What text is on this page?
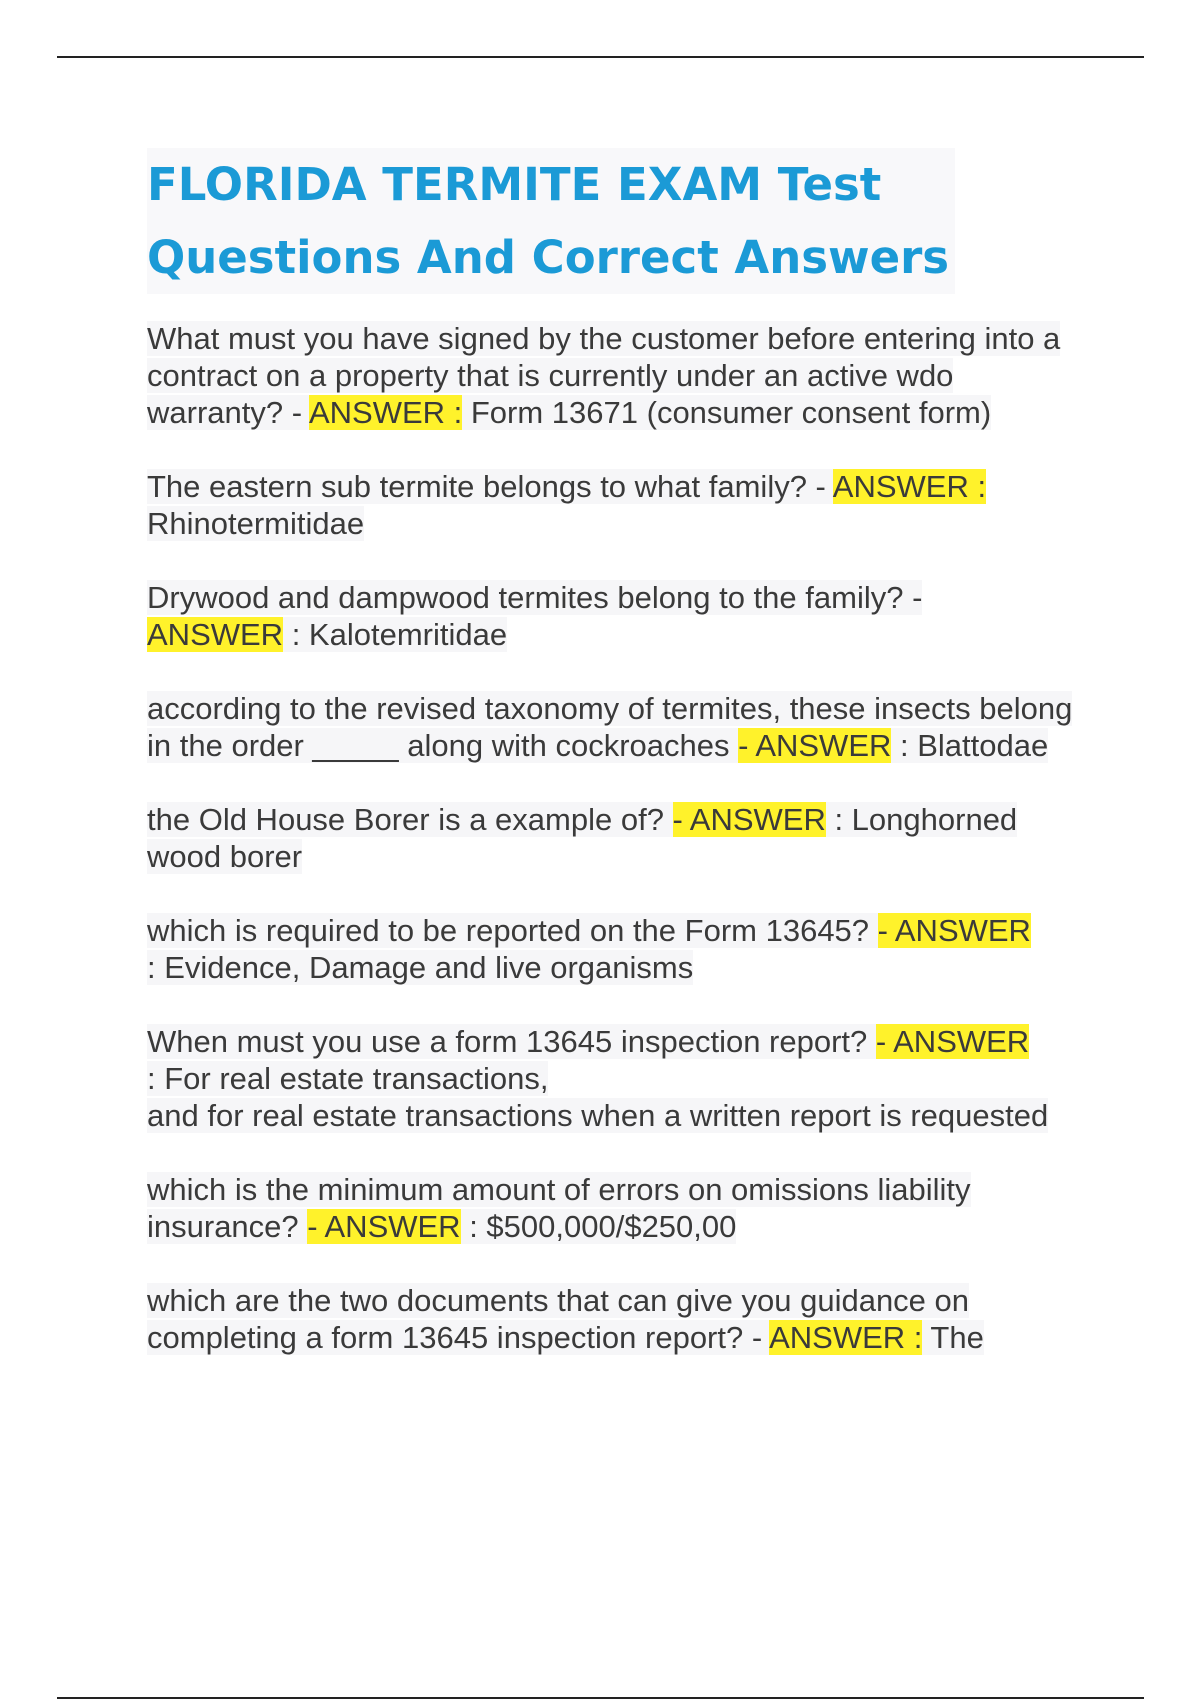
FLORIDA TERMITE EXAM Test
Questions And Correct Answers

What must you have signed by the customer before entering into a contract on a property that is currently under an active wdo warranty? - ANSWER : Form 13671 (consumer consent form)

The eastern sub termite belongs to what family? - ANSWER :
Rhinotermitidae

Drywood and dampwood termites belong to the family? -
ANSWER : Kalotemritidae

according to the revised taxonomy of termites, these insects belong in the order _____ along with cockroaches - ANSWER : Blattodae

the Old House Borer is a example of? - ANSWER : Longhorned wood borer

which is required to be reported on the Form 13645? - ANSWER
: Evidence, Damage and live organisms

When must you use a form 13645 inspection report? - ANSWER
: For real estate transactions,
and for real estate transactions when a written report is requested

which is the minimum amount of errors on omissions liability insurance? - ANSWER : $500,000/$250,00

which are the two documents that can give you guidance on completing a form 13645 inspection report? - ANSWER : The
